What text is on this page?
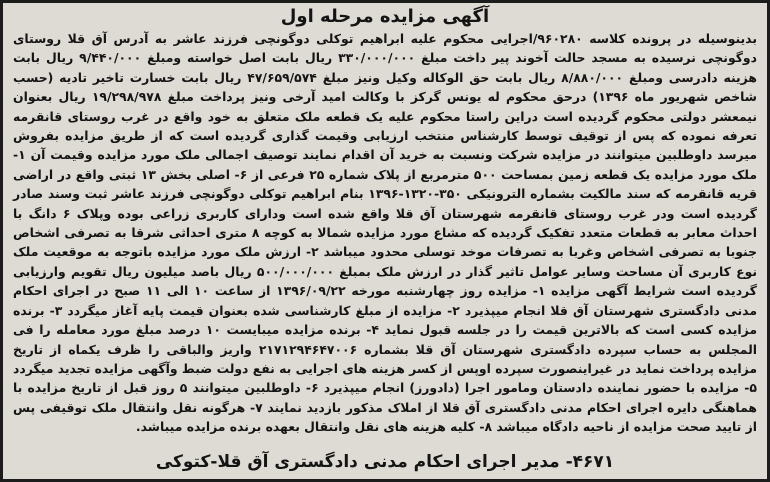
آگهی مزایده مرحله اول

بدینوسیله در پرونده کلاسه ۹۶۰۲۸۰/اجرایی محکوم علیه ابراهیم توکلی دوگونچی فرزند عاشر به آدرس آق قلا روستای دوگونچی نرسیده به مسجد حالت آخوند پیر داخت مبلغ ۳۳۰/۰۰۰/۰۰۰ ریال بابت اصل خواسته ومبلغ ۹/۴۴۰/۰۰۰ ریال بابت هزینه دادرسی ومبلغ ۸/۸۸۰/۰۰۰ ریال بابت حق الوکاله وکیل ونیز مبلغ ۴۷/۶۵۹/۵۷۴ ریال بابت خسارت تاخیر تادیه (حسب شاخص شهریور ماه ۱۳۹۶) درحق محکوم له یونس گرکز با وکالت امید آرخی ونیز پرداخت مبلغ ۱۹/۲۹۸/۹۷۸ ریال بعنوان نیمعشر دولتی محکوم گردیده است دراین راستا محکوم علیه یک قطعه ملک متعلق به خود واقع در غرب روستای قانقرمه تعرفه نموده که پس از توقیف توسط کارشناس منتخب ارزیابی وقیمت گذاری گردیده است که از طریق مزایده بفروش میرسد داوطلبین میتوانند در مزایده شرکت ونسبت به خرید آن اقدام نمایند توصیف اجمالی ملک مورد مزایده وقیمت آن ۱- ملک مورد مزایده یک قطعه زمین بمساحت ۵۰۰ مترمربع از پلاک شماره ۲۵ فرعی از ۶- اصلی بخش ۱۳ ثبتی واقع در اراضی قریه قانقرمه که سند مالکیت بشماره الترونیکی ۳۵۰-۱۳۲۰-۱۳۹۶ بنام ابراهیم توکلی دوگونچی فرزند عاشر ثبت وسند صادر گردیده است ودر غرب روستای قانقرمه شهرستان آق قلا واقع شده است ودارای کاربری زراعی بوده وپلاک ۶ دانگ با احداث معابر به قطعات متعدد تفکیک گردیده که مشاع مورد مزایده شمالا به کوچه ۸ متری احداثی شرقا به تصرفی اشخاص جنوبا به تصرفی اشخاص وغربا به تصرفات موخد توسلی محدود میباشد ۲- ارزش ملک مورد مزایده باتوجه به موقعیت ملک نوع کاربری آن مساحت وسایر عوامل تاثیر گذار در ارزش ملک بمبلغ ۵۰۰/۰۰۰/۰۰۰ ریال باصد میلیون ریال تقویم وارزیابی گردیده است شرایط آگهی مزایده ۱- مزایده روز چهارشنبه مورخه ۱۳۹۶/۰۹/۲۲ از ساعت ۱۰ الی ۱۱ صبح در اجرای احکام مدنی دادگستری شهرستان آق قلا انجام میپذیرد ۲- مزایده از مبلغ کارشناسی شده بعنوان قیمت پایه آغاز میگردد ۳- برنده مزایده کسی است که بالاترین قیمت را در جلسه قبول نماید ۴- برنده مزایده میبایست ۱۰ درصد مبلغ مورد معامله را فی المجلس به حساب سپرده دادگستری شهرستان آق قلا بشماره ۲۱۷۱۲۹۴۶۴۷۰۰۶ واریز والباقی را ظرف یکماه از تاریخ مزایده پرداخت نماید در غیراینصورت سپرده اوپس از کسر هزینه های اجرایی به نفع دولت ضبط وآگهی مزایده تجدید میگردد ۵- مزایده با حضور نماینده دادستان ومامور اجرا (دادورز) انجام میپذیرد ۶- داوطلبین میتوانند ۵ روز قبل از تاریخ مزایده با هماهنگی دایره اجرای احکام مدنی دادگستری آق قلا از املاک مذکور بازدید نمایند ۷- هرگونه نقل وانتقال ملک توقیفی پس از تایید صحت مزایده از ناحیه دادگاه میباشد ۸- کلیه هزینه های نقل وانتقال بعهده برنده مزایده میباشد.

۴۶۷۱- مدیر اجرای احکام مدنی دادگستری آق قلا-کتوکی
